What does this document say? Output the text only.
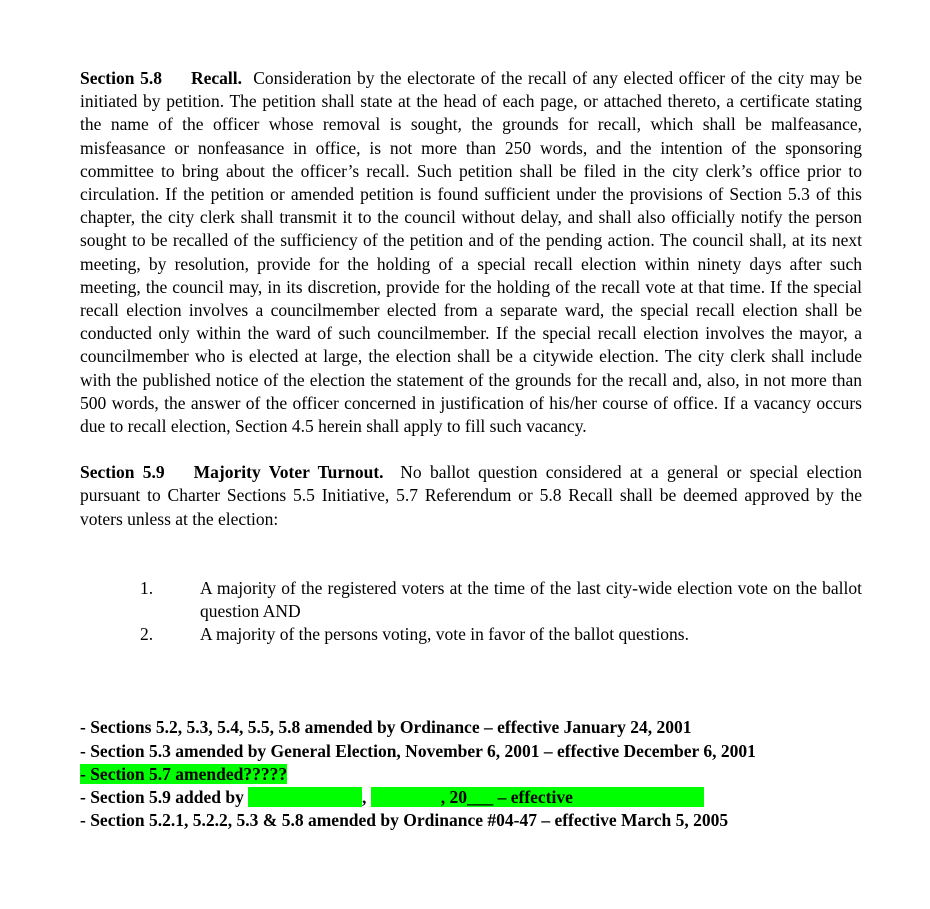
Section 5.8 Recall. Consideration by the electorate of the recall of any elected officer of the city may be initiated by petition. The petition shall state at the head of each page, or attached thereto, a certificate stating the name of the officer whose removal is sought, the grounds for recall, which shall be malfeasance, misfeasance or nonfeasance in office, is not more than 250 words, and the intention of the sponsoring committee to bring about the officer’s recall. Such petition shall be filed in the city clerk’s office prior to circulation. If the petition or amended petition is found sufficient under the provisions of Section 5.3 of this chapter, the city clerk shall transmit it to the council without delay, and shall also officially notify the person sought to be recalled of the sufficiency of the petition and of the pending action. The council shall, at its next meeting, by resolution, provide for the holding of a special recall election within ninety days after such meeting, the council may, in its discretion, provide for the holding of the recall vote at that time. If the special recall election involves a councilmember elected from a separate ward, the special recall election shall be conducted only within the ward of such councilmember. If the special recall election involves the mayor, a councilmember who is elected at large, the election shall be a citywide election. The city clerk shall include with the published notice of the election the statement of the grounds for the recall and, also, in not more than 500 words, the answer of the officer concerned in justification of his/her course of office. If a vacancy occurs due to recall election, Section 4.5 herein shall apply to fill such vacancy.

Section 5.9 Majority Voter Turnout. No ballot question considered at a general or special election pursuant to Charter Sections 5.5 Initiative, 5.7 Referendum or 5.8 Recall shall be deemed approved by the voters unless at the election:

1.	A majority of the registered voters at the time of the last city-wide election vote on the ballot question AND
2.	A majority of the persons voting, vote in favor of the ballot questions.
- Sections 5.2, 5.3, 5.4, 5.5, 5.8 amended by Ordinance – effective January 24, 2001
- Section 5.3 amended by General Election, November 6, 2001 – effective December 6, 2001
- Section 5.7 amended?????
- Section 5.9 added by	,	, 20___ – effective
- Section 5.2.1, 5.2.2, 5.3 & 5.8 amended by Ordinance #04-47 – effective March 5, 2005
